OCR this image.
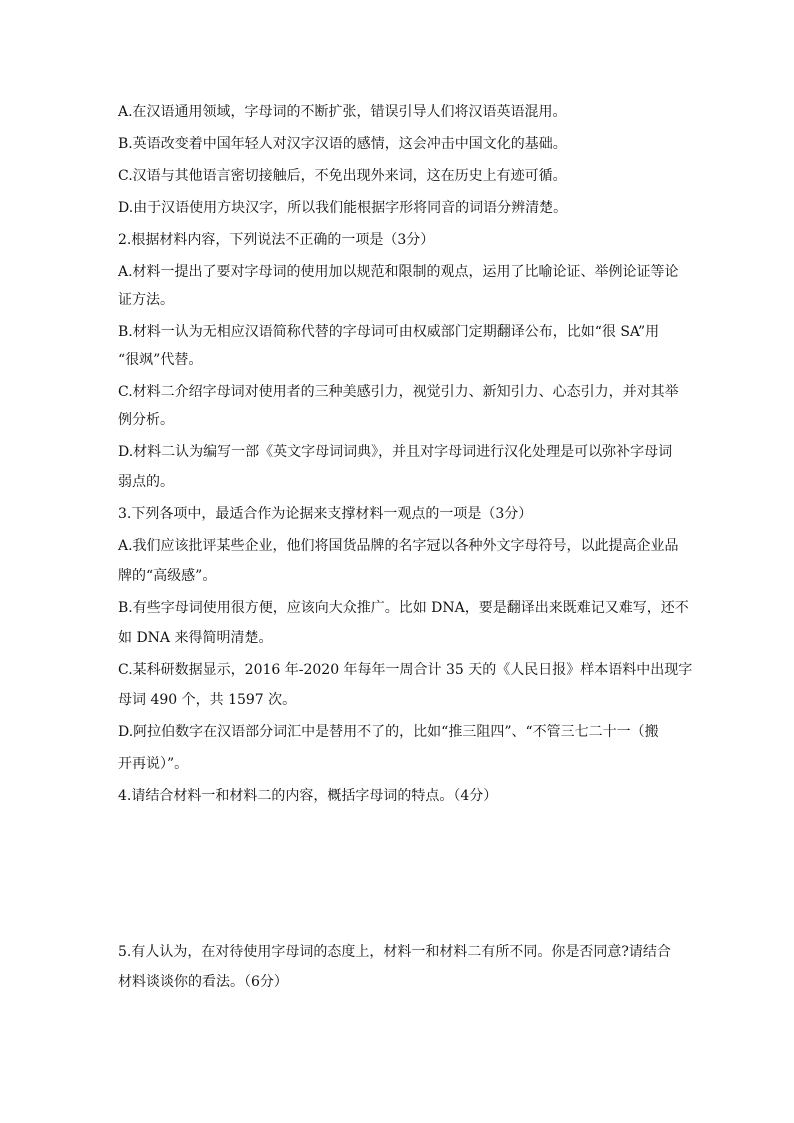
A.在汉语通用领域，字母词的不断扩张，错误引导人们将汉语英语混用。
B.英语改变着中国年轻人对汉字汉语的感情，这会冲击中国文化的基础。
C.汉语与其他语言密切接触后，不免出现外来词，这在历史上有迹可循。
D.由于汉语使用方块汉字，所以我们能根据字形将同音的词语分辨清楚。
2.根据材料内容，下列说法不正确的一项是（3分）
A.材料一提出了要对字母词的使用加以规范和限制的观点，运用了比喻论证、举例论证等论
证方法。
B.材料一认为无相应汉语简称代替的字母词可由权威部门定期翻译公布，比如“很 SA”用
“很飒”代替。
C.材料二介绍字母词对使用者的三种美感引力，视觉引力、新知引力、心态引力，并对其举
例分析。
D.材料二认为编写一部《英文字母词词典》，并且对字母词进行汉化处理是可以弥补字母词
弱点的。
3.下列各项中，最适合作为论据来支撑材料一观点的一项是（3分）
A.我们应该批评某些企业，他们将国货品牌的名字冠以各种外文字母符号，以此提高企业品
牌的“高级感”。
B.有些字母词使用很方便，应该向大众推广。比如 DNA，要是翻译出来既难记又难写，还不
如 DNA 来得简明清楚。
C.某科研数据显示，2016 年-2020 年每年一周合计 35 天的《人民日报》样本语料中出现字
母词 490 个，共 1597 次。
D.阿拉伯数字在汉语部分词汇中是替用不了的，比如“推三阻四”、“不管三七二十一（搬
开再说）”。
4.请结合材料一和材料二的内容，概括字母词的特点。（4分）
5.有人认为，在对待使用字母词的态度上，材料一和材料二有所不同。你是否同意?请结合
材料谈谈你的看法。（6分）
